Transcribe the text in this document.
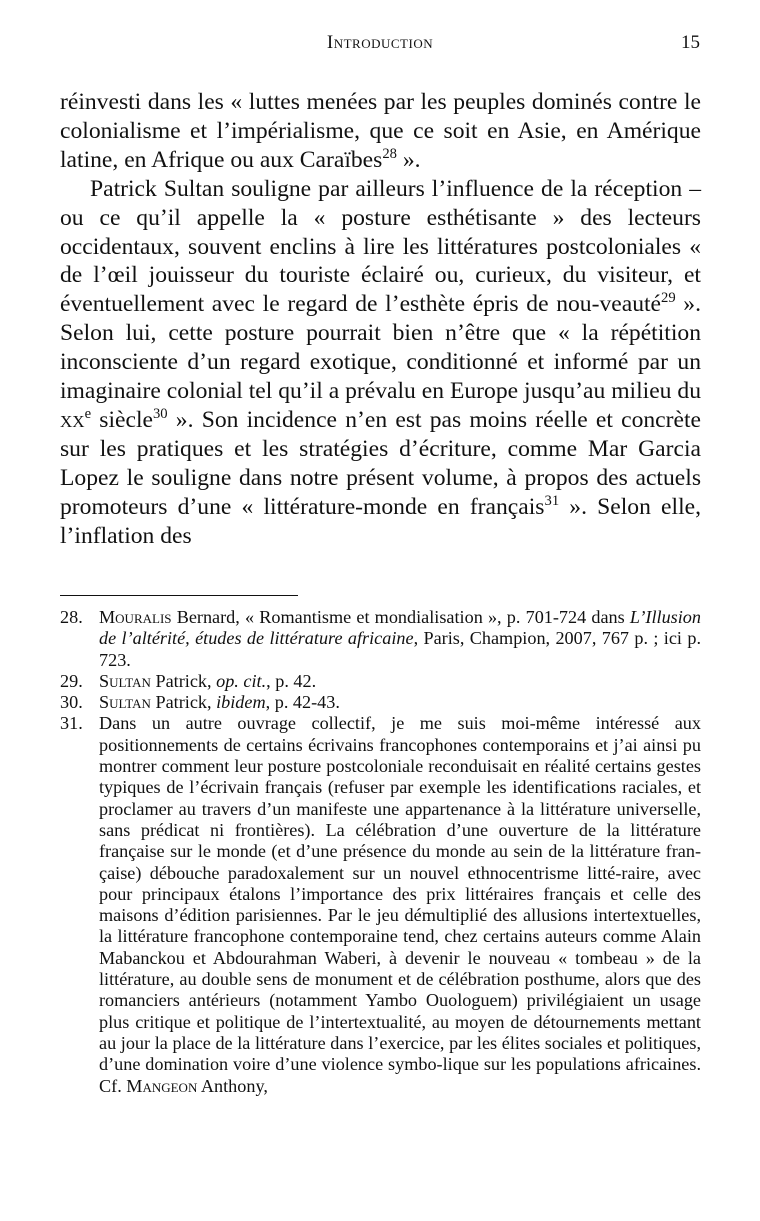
Introduction	15

réinvesti dans les « luttes menées par les peuples dominés contre le colonialisme et l’impérialisme, que ce soit en Asie, en Amérique latine, en Afrique ou aux Caraïbes$^{28}$ ».

Patrick Sultan souligne par ailleurs l’influence de la réception – ou ce qu’il appelle la « posture esthétisante » des lecteurs occidentaux, souvent enclins à lire les littératures postcoloniales « de l’œil jouisseur du touriste éclairé ou, curieux, du visiteur, et éventuellement avec le regard de l’esthète épris de nou-veauté$^{29}$ ». Selon lui, cette posture pourrait bien n’être que « la répétition inconsciente d’un regard exotique, conditionné et informé par un imaginaire colonial tel qu’il a prévalu en Europe jusqu’au milieu du $xx^e$ siècle$^{30}$ ». Son incidence n’en est pas moins réelle et concrète sur les pratiques et les stratégies d’écriture, comme Mar Garcia Lopez le souligne dans notre présent volume, à propos des actuels promoteurs d’une « littérature-monde en français$^{31}$ ». Selon elle, l’inflation des

28. Mouralis Bernard, « Romantisme et mondialisation », p. 701-724 dans L’Illusion de l’altérité, études de littérature africaine, Paris, Champion, 2007, 767 p. ; ici p. 723.
29. Sultan Patrick, op. cit., p. 42.
30. Sultan Patrick, ibidem, p. 42-43.
31. Dans un autre ouvrage collectif, je me suis moi-même intéressé aux positionnements de certains écrivains francophones contemporains et j’ai ainsi pu montrer comment leur posture postcoloniale reconduisait en réalité certains gestes typiques de l’écrivain français (refuser par exemple les identifications raciales, et proclamer au travers d’un manifeste une appartenance à la littérature universelle, sans prédicat ni frontières). La célébration d’une ouverture de la littérature française sur le monde (et d’une présence du monde au sein de la littérature fran-çaise) débouche paradoxalement sur un nouvel ethnocentrisme litté-raire, avec pour principaux étalons l’importance des prix littéraires français et celle des maisons d’édition parisiennes. Par le jeu démultiplié des allusions intertextuelles, la littérature francophone contemporaine tend, chez certains auteurs comme Alain Mabanckou et Abdourahman Waberi, à devenir le nouveau « tombeau » de la littérature, au double sens de monument et de célébration posthume, alors que des romanciers antérieurs (notamment Yambo Ouologuem) privilégiaient un usage plus critique et politique de l’intertextualité, au moyen de détournements mettant au jour la place de la littérature dans l’exercice, par les élites sociales et politiques, d’une domination voire d’une violence symbo-lique sur les populations africaines. Cf. Mangeon Anthony,
